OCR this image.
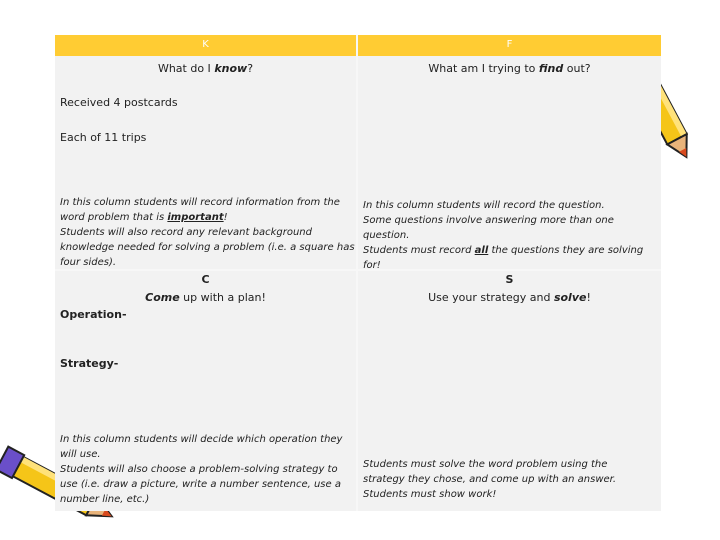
K	F
What do I know?	What am I trying to find out?
Received 4 postcards
Each of 11 trips
In this column students will record information from the
word problem that is important!
Students will also record any relevant background
knowledge needed for solving a problem (i.e. a square has
four sides).
In this column students will record the question.
Some questions involve answering more than one question.
Students must record all the questions they are solving
for!
C
Come up with a plan!
Operation-
Strategy-
In this column students will decide which operation they
will use.
Students will also choose a problem-solving strategy to
use (i.e. draw a picture, write a number sentence, use a
number line, etc.)
S
Use your strategy and solve!
Students must solve the word problem using the
strategy they chose, and come up with an answer.
Students must show work!
